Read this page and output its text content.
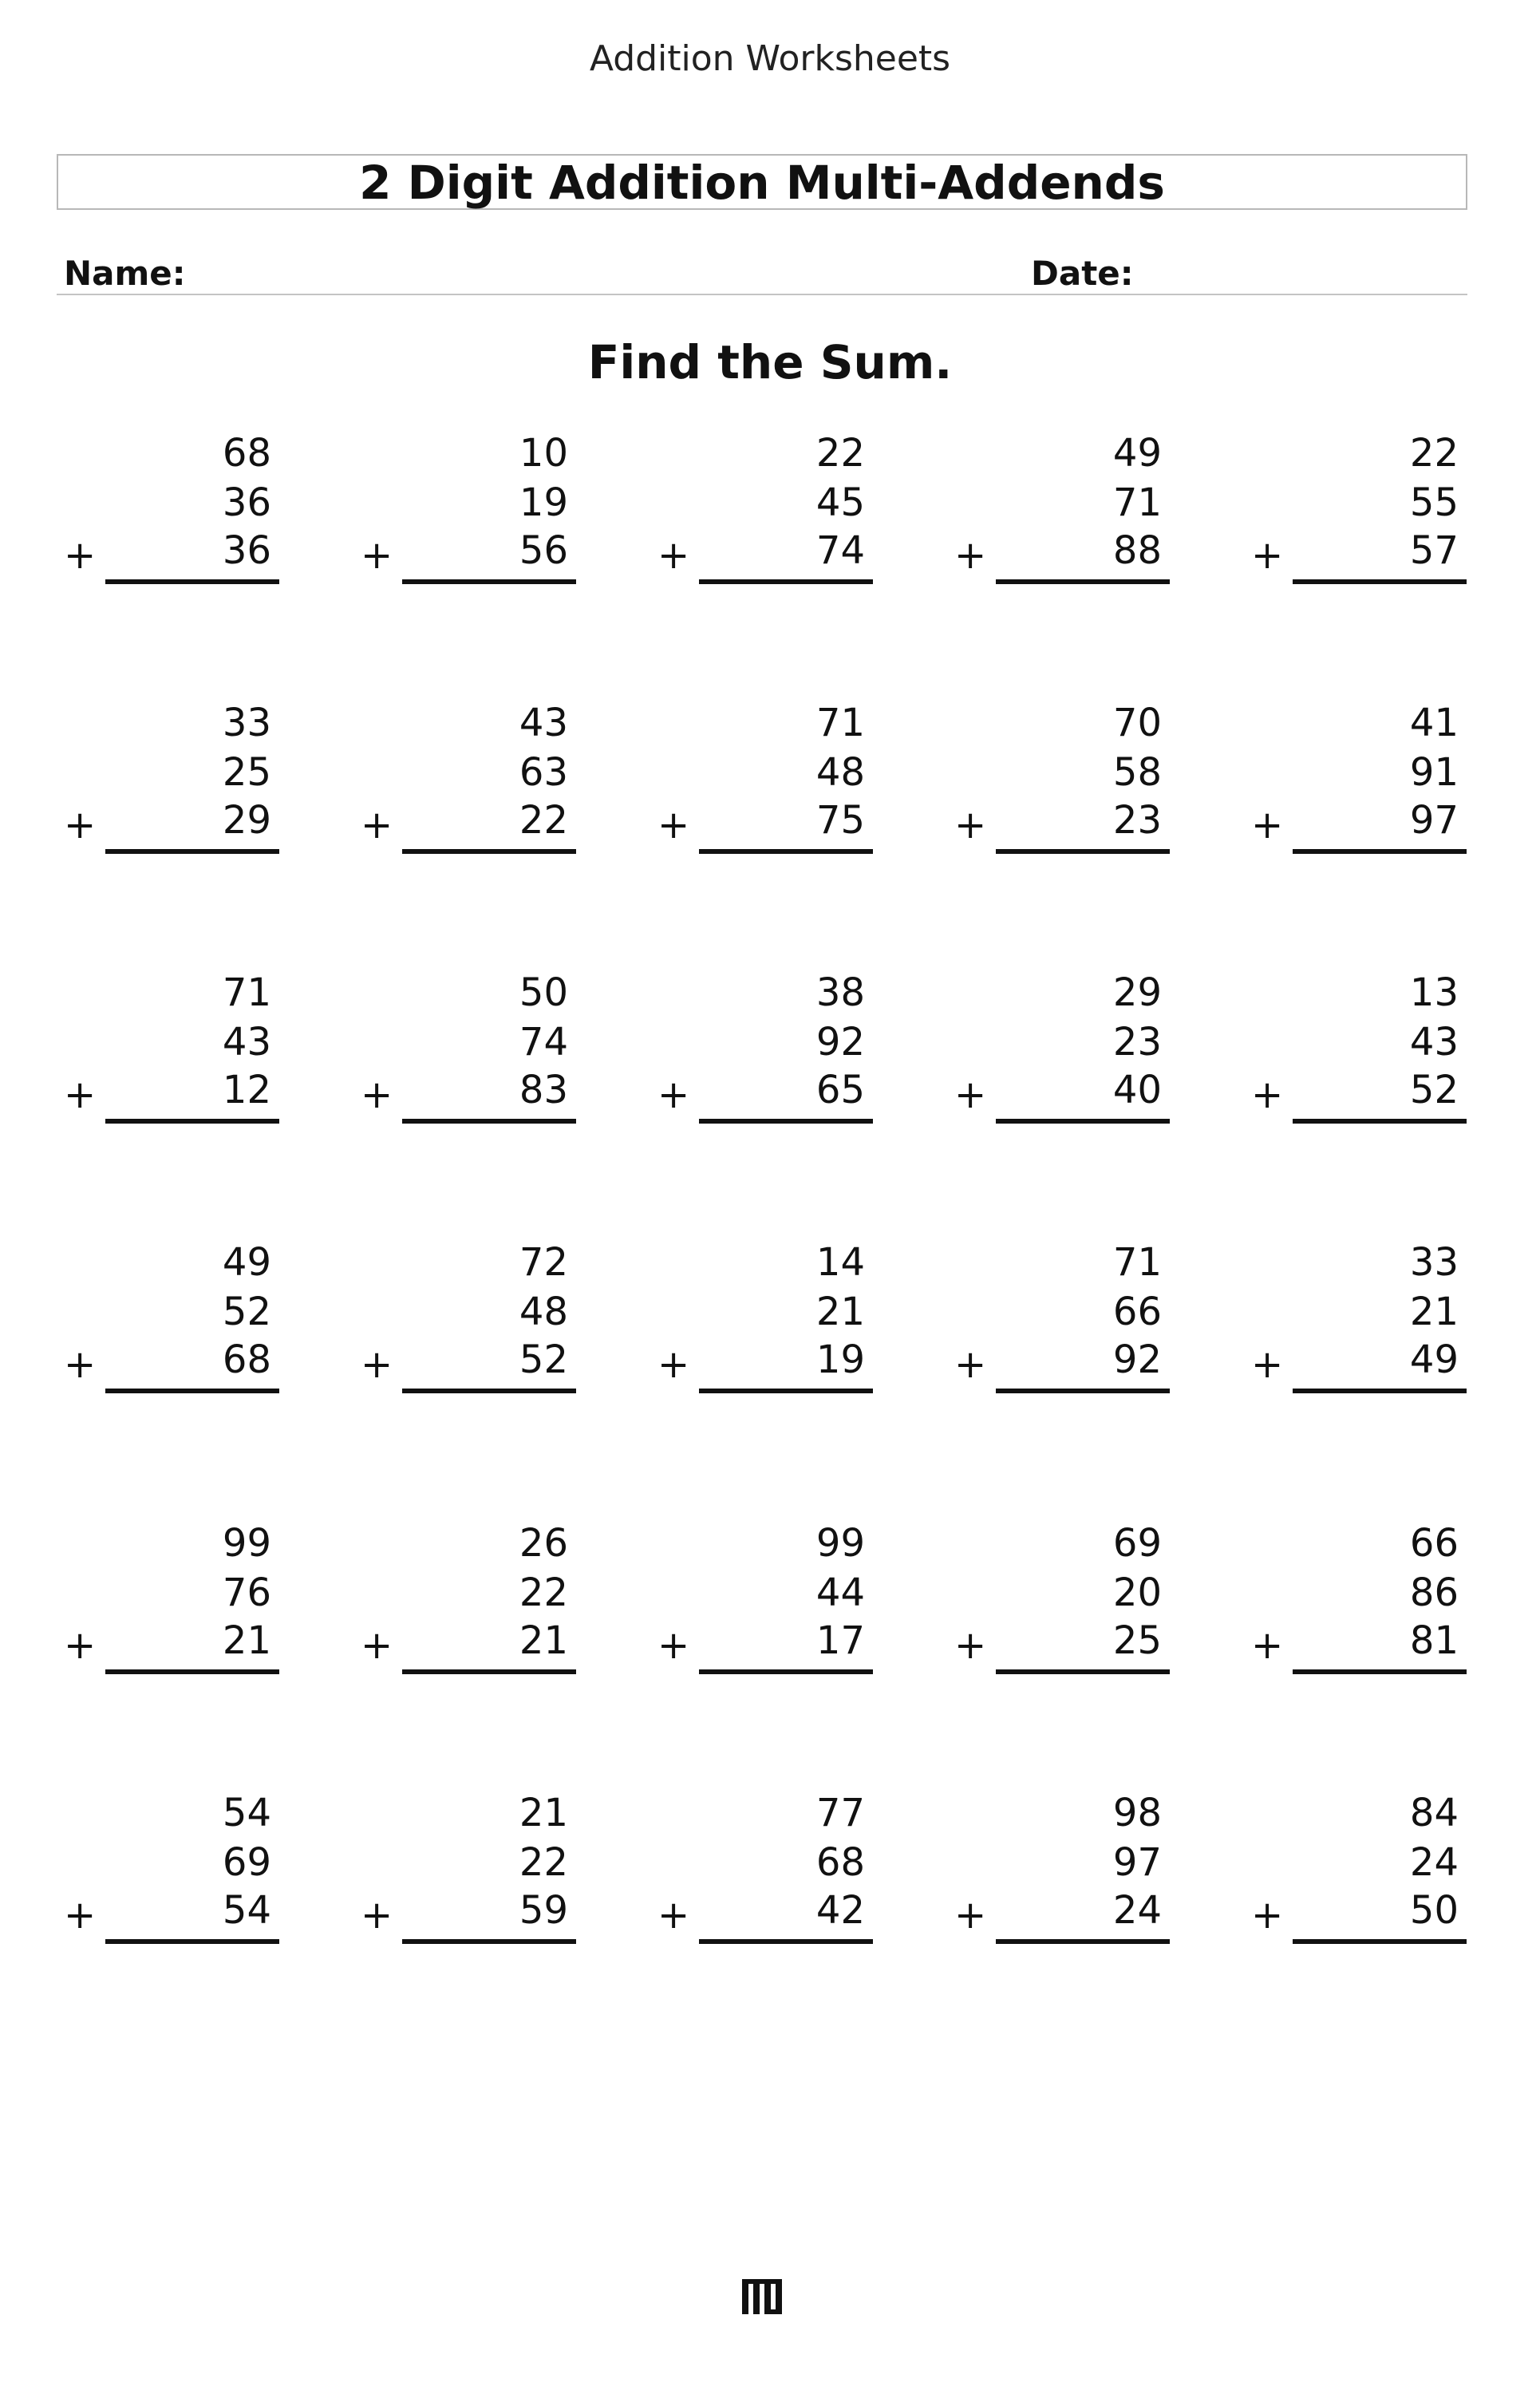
Addition Worksheets
2 Digit Addition Multi-Addends
Name:	Date:
Find the Sum.
68
36
36
+
10
19
56
+
22
45
74
+
49
71
88
+
22
55
57
+
33
25
29
+
43
63
22
+
71
48
75
+
70
58
23
+
41
91
97
+
71
43
12
+
50
74
83
+
38
92
65
+
29
23
40
+
13
43
52
+
49
52
68
+
72
48
52
+
14
21
19
+
71
66
92
+
33
21
49
+
99
76
21
+
26
22
21
+
99
44
17
+
69
20
25
+
66
86
81
+
54
69
54
+
21
22
59
+
77
68
42
+
98
97
24
+
84
24
50
+
